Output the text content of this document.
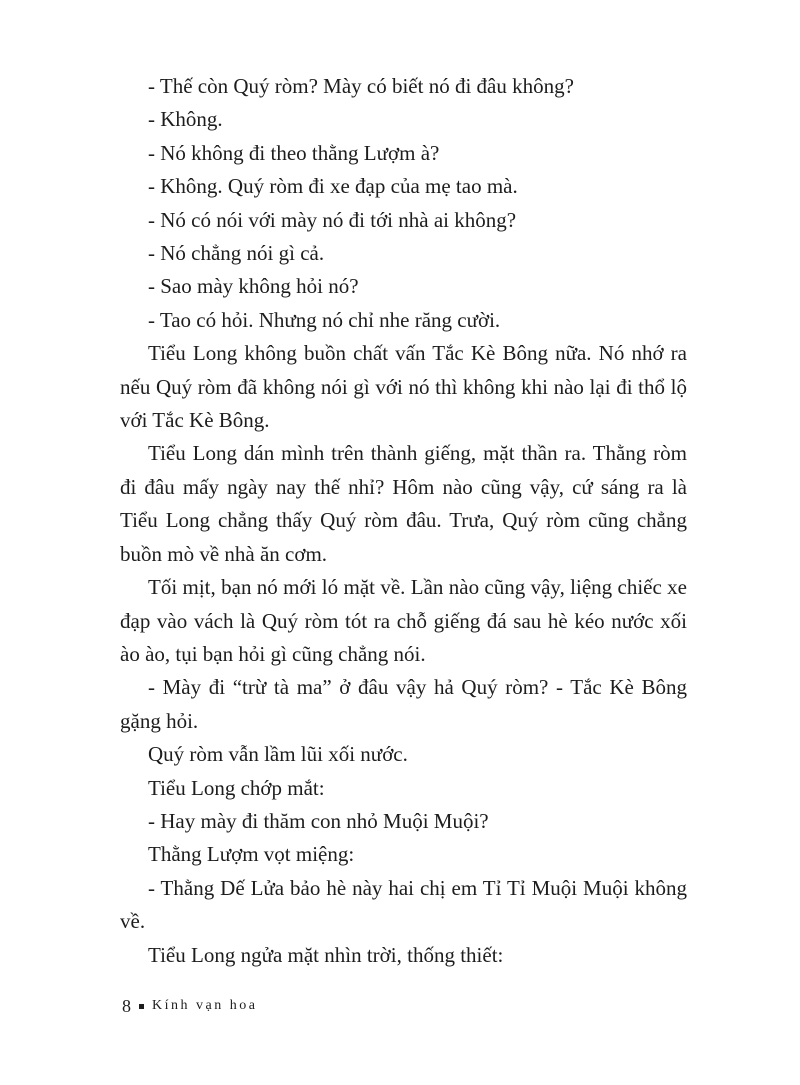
- Thế còn Quý ròm? Mày có biết nó đi đâu không?

- Không.

- Nó không đi theo thằng Lượm à?

- Không. Quý ròm đi xe đạp của mẹ tao mà.

- Nó có nói với mày nó đi tới nhà ai không?

- Nó chẳng nói gì cả.

- Sao mày không hỏi nó?

- Tao có hỏi. Nhưng nó chỉ nhe răng cười.

Tiểu Long không buồn chất vấn Tắc Kè Bông nữa. Nó nhớ ra nếu Quý ròm đã không nói gì với nó thì không khi nào lại đi thổ lộ với Tắc Kè Bông.

Tiểu Long dán mình trên thành giếng, mặt thần ra. Thằng ròm đi đâu mấy ngày nay thế nhỉ? Hôm nào cũng vậy, cứ sáng ra là Tiểu Long chẳng thấy Quý ròm đâu. Trưa, Quý ròm cũng chẳng buồn mò về nhà ăn cơm.

Tối mịt, bạn nó mới ló mặt về. Lần nào cũng vậy, liệng chiếc xe đạp vào vách là Quý ròm tót ra chỗ giếng đá sau hè kéo nước xối ào ào, tụi bạn hỏi gì cũng chẳng nói.

- Mày đi “trừ tà ma” ở đâu vậy hả Quý ròm? - Tắc Kè Bông gặng hỏi.

Quý ròm vẫn lầm lũi xối nước.

Tiểu Long chớp mắt:

- Hay mày đi thăm con nhỏ Muội Muội?

Thằng Lượm vọt miệng:

- Thằng Dế Lửa bảo hè này hai chị em Tỉ Tỉ Muội Muội không về.

Tiểu Long ngửa mặt nhìn trời, thống thiết:

8 Kính vạn hoa
